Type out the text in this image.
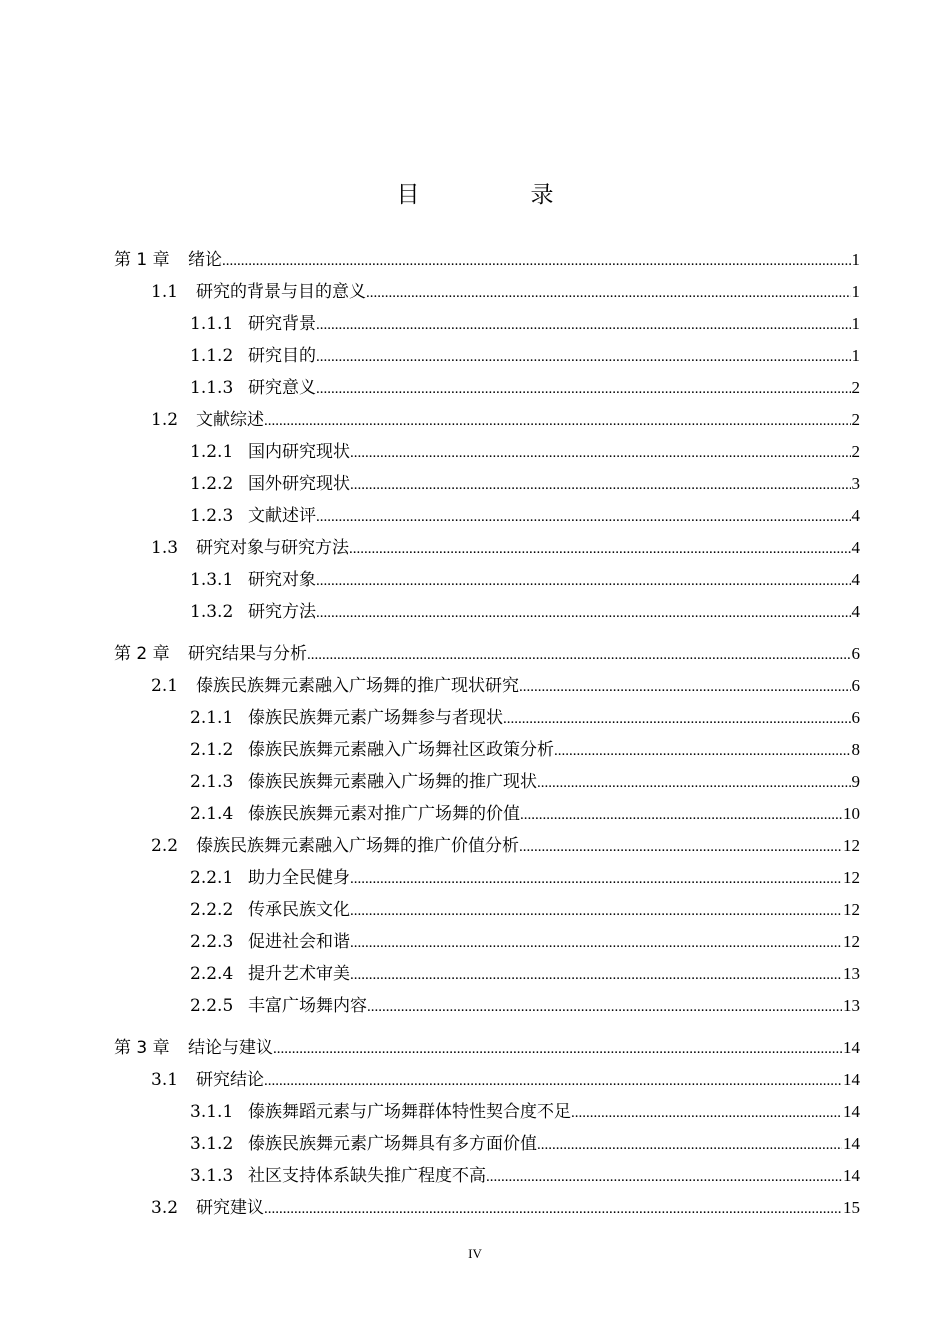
目　录
第 1 章	绪论 .....	1
1.1	研究的背景与目的意义 .....	1
1.1.1 研究背景 .....	1
1.1.2 研究目的 .....	1
1.1.3 研究意义 .....	2
1.2	文献综述 .....	2
1.2.1 国内研究现状 .....	2
1.2.2 国外研究现状 .....	3
1.2.3 文献述评 .....	4
1.3	研究对象与研究方法 .....	4
1.3.1 研究对象 .....	4
1.3.2 研究方法 .....	4
第 2 章	研究结果与分析 .....	6
2.1	傣族民族舞元素融入广场舞的推广现状研究 .....	6
2.1.1 傣族民族舞元素广场舞参与者现状 .....	6
2.1.2 傣族民族舞元素融入广场舞社区政策分析 .....	8
2.1.3 傣族民族舞元素融入广场舞的推广现状 .....	9
2.1.4 傣族民族舞元素对推广广场舞的价值 .....	10
2.2	傣族民族舞元素融入广场舞的推广价值分析 .....	12
2.2.1 助力全民健身 .....	12
2.2.2 传承民族文化 .....	12
2.2.3 促进社会和谐 .....	12
2.2.4 提升艺术审美 .....	13
2.2.5 丰富广场舞内容 .....	13
第 3 章	结论与建议 .....	14
3.1	研究结论 .....	14
3.1.1 傣族舞蹈元素与广场舞群体特性契合度不足 .....	14
3.1.2 傣族民族舞元素广场舞具有多方面价值 .....	14
3.1.3 社区支持体系缺失推广程度不高 .....	14
3.2	研究建议 .....	15
IV
